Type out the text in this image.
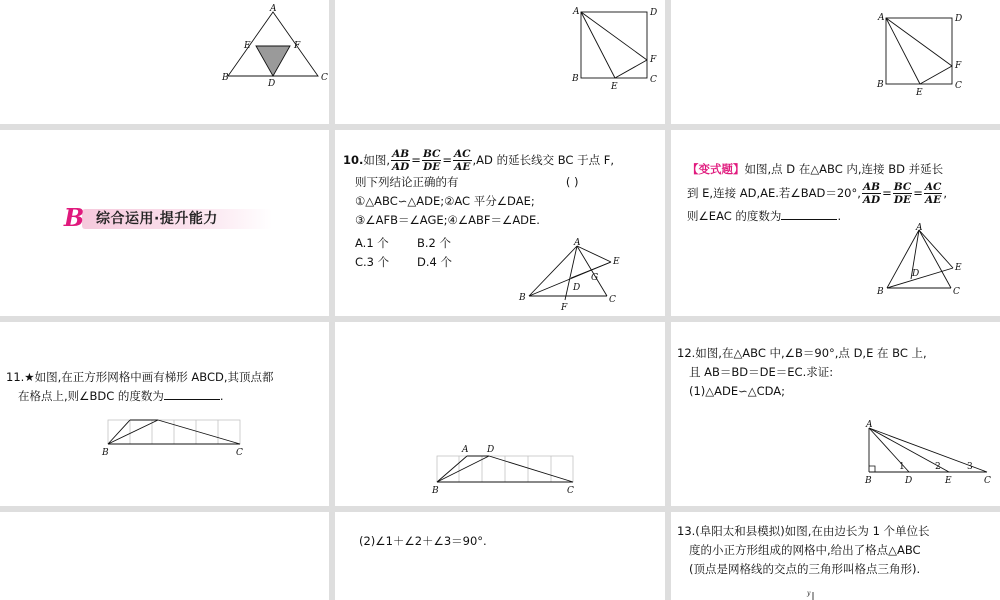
A
E	F
B
D
C
A	D
F
B
E
C
A	D
F
B
E
C
B 综合运用·提升能力
10.如图, $\frac{AB}{AD} = \frac{BC}{DE} = \frac{AC}{AE} ,AD$ 的延长线交 BC 于点 F,
则下列结论正确的有	( )
①△ABC∽△ADE;②AC 平分∠DAE;
③∠AFB＝∠AGE;④∠ABF＝∠ADE.
A.1 个 B.2 个
C.3 个 D.4 个
A
E
G
D
B	C
F
【变式题】如图,点 D 在△ABC 内,连接 BD 并延长
到 E,连接 AD,AE.若∠BAD＝20°, $\frac{AB}{AD} = \frac{BC}{DE} = \frac{AC}{AE}$ ,
则∠EAC 的度数为	.
A
E
D
B	C
11.★如图,在正方形网格中画有梯形 ABCD,其顶点都
在格点上,则∠BDC 的度数为	.
B	C	A D
B	C
12.如图,在△ABC 中,∠B＝90°,点 D,E 在 BC 上,
且 AB＝BD＝DE＝EC.求证:
(1)△ADE∽△CDA;
A
B	D	E	C
1	2	3
(2)∠1＋∠2＋∠3＝90°.
13.(阜阳太和县模拟)如图,在由边长为 1 个单位长
度的小正方形组成的网格中,给出了格点△ABC
(顶点是网格线的交点的三角形叫格点三角形).
y
